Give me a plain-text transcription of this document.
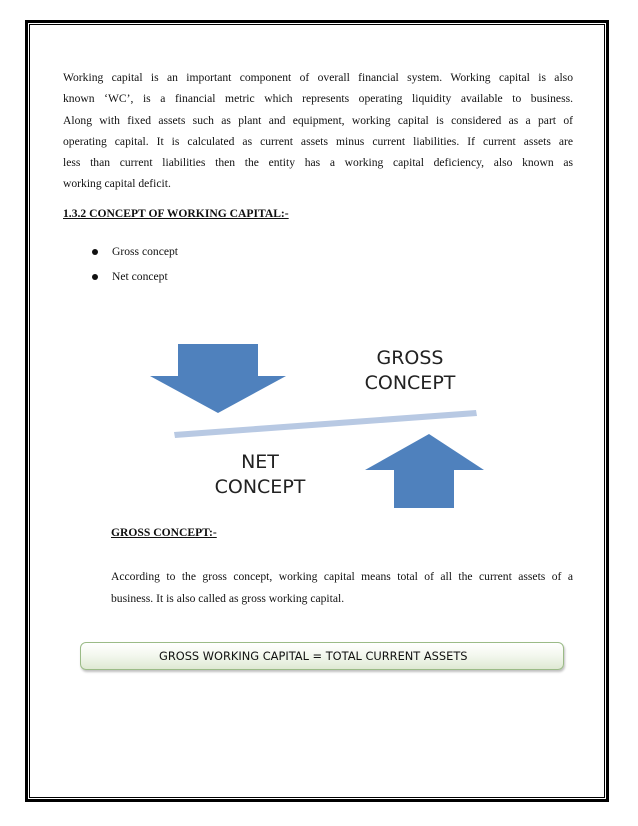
Working capital is an important component of overall financial system. Working capital is also
known ‘WC’, is a financial metric which represents operating liquidity available to business.
Along with fixed assets such as plant and equipment, working capital is considered as a part of
operating capital. It is calculated as current assets minus current liabilities. If current assets are
less than current liabilities then the entity has a working capital deficiency, also known as
working capital deficit.
1.3.2 CONCEPT OF WORKING CAPITAL:-
Gross concept
Net concept
GROSS
CONCEPT
NET
CONCEPT
GROSS CONCEPT:-
According to the gross concept, working capital means total of all the current assets of a
business. It is also called as gross working capital.
GROSS WORKING CAPITAL = TOTAL CURRENT ASSETS
